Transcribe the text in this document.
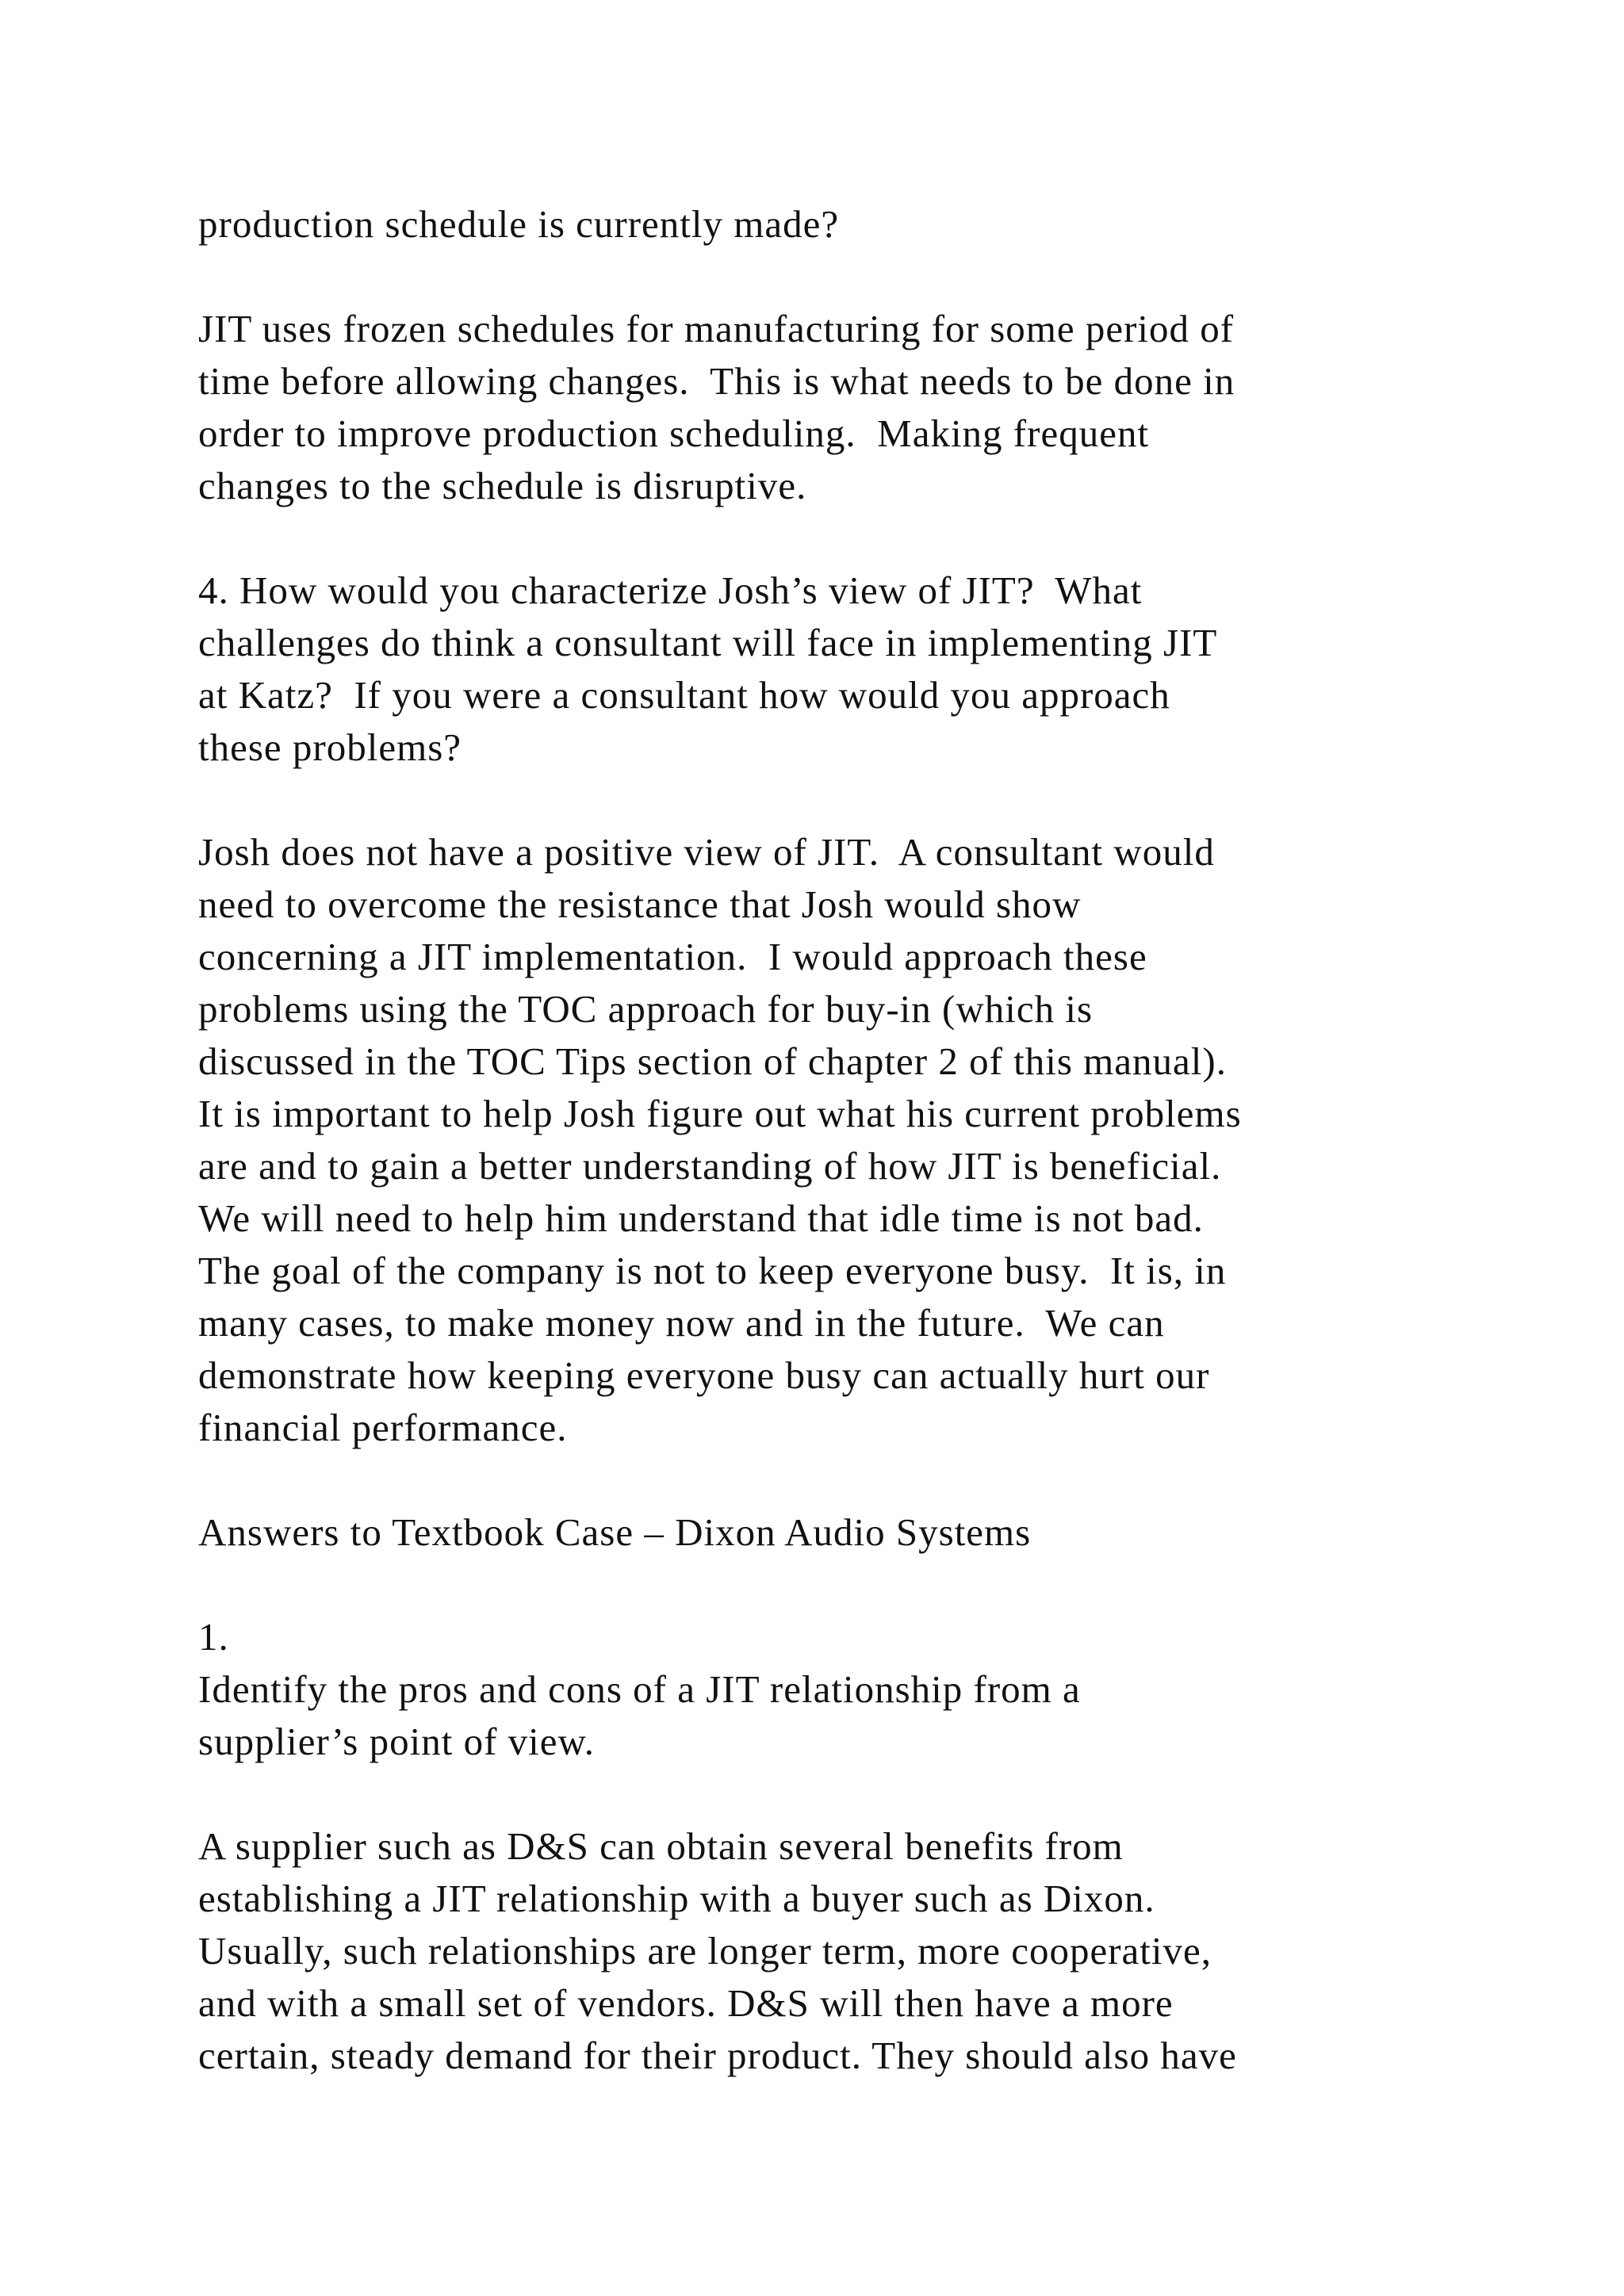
production schedule is currently made?
JIT uses frozen schedules for manufacturing for some period of
time before allowing changes.  This is what needs to be done in
order to improve production scheduling.  Making frequent
changes to the schedule is disruptive.
4. How would you characterize Josh’s view of JIT?  What
challenges do think a consultant will face in implementing JIT
at Katz?  If you were a consultant how would you approach
these problems?
Josh does not have a positive view of JIT.  A consultant would
need to overcome the resistance that Josh would show
concerning a JIT implementation.  I would approach these
problems using the TOC approach for buy-in (which is
discussed in the TOC Tips section of chapter 2 of this manual).
It is important to help Josh figure out what his current problems
are and to gain a better understanding of how JIT is beneficial.
We will need to help him understand that idle time is not bad.
The goal of the company is not to keep everyone busy.  It is, in
many cases, to make money now and in the future.  We can
demonstrate how keeping everyone busy can actually hurt our
financial performance.
Answers to Textbook Case – Dixon Audio Systems
1.
Identify the pros and cons of a JIT relationship from a
supplier’s point of view.
A supplier such as D&S can obtain several benefits from
establishing a JIT relationship with a buyer such as Dixon.
Usually, such relationships are longer term, more cooperative,
and with a small set of vendors. D&S will then have a more
certain, steady demand for their product. They should also have
